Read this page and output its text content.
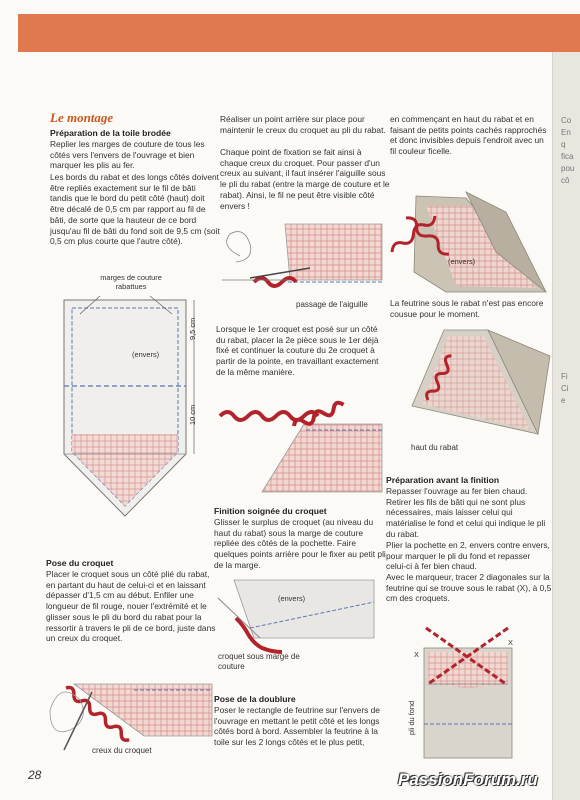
Co
En
q
fica
pou
cô
Fi
Ci
e
Le montage
Préparation de la toile brodée
Replier les marges de couture de tous les côtés vers l'envers de l'ouvrage et bien marquer les plis au fer.
Les bords du rabat et des longs côtés doivent être repliés exactement sur le fil de bâti tandis que le bord du petit côté (haut) doit être décalé de 0,5 cm par rapport au fil de bâti, de sorte que la hauteur de ce bord jusqu'au fil de bâti du fond soit de 9,5 cm (soit 0,5 cm plus courte que l'autre côté).
marges de couture rabattues
(envers)
9,5 cm
10 cm
Pose du croquet
Placer le croquet sous un côté plié du rabat, en partant du haut de celui-ci et en laissant dépasser d'1,5 cm au début. Enfiler une longueur de fil rouge, nouer l'extrémité et le glisser sous le pli du bord du rabat pour la ressortir à travers le pli de ce bord, juste dans un creux du croquet.
creux du croquet
Réaliser un point arrière sur place pour maintenir le creux du croquet au pli du rabat.
Chaque point de fixation se fait ainsi à chaque creux du croquet. Pour passer d'un creux au suivant, il faut insérer l'aiguille sous le pli du rabat (entre la marge de couture et le rabat). Ainsi, le fil ne peut être visible côté envers !
passage de l'aiguille
Lorsque le 1er croquet est posé sur un côté du rabat, placer la 2e pièce sous le 1er déjà fixé et continuer la couture du 2e croquet à partir de la pointe, en travaillant exactement de la même manière.
Finition soignée du croquet
Glisser le surplus de croquet (au niveau du haut du rabat) sous la marge de couture repliée des côtés de la pochette. Faire quelques points arrière pour le fixer au petit pli de la marge.
(envers)
croquet sous marge de couture
Pose de la doublure
Poser le rectangle de feutrine sur l'envers de l'ouvrage en mettant le petit côté et les longs côtés bord à bord. Assembler la feutrine à la toile sur les 2 longs côtés et le plus petit,
en commençant en haut du rabat et en faisant de petits points cachés rapprochés et donc invisibles depuis l'endroit avec un fil couleur ficelle.
(envers)
La feutrine sous le rabat n'est pas encore cousue pour le moment.
haut du rabat
Préparation avant la finition
Repasser l'ouvrage au fer bien chaud. Retirer les fils de bâti qui ne sont plus nécessaires, mais laisser celui qui matérialise le fond et celui qui indique le pli du rabat.
Plier la pochette en 2, envers contre envers, pour marquer le pli du fond et repasser celui-ci à fer bien chaud.
Avec le marqueur, tracer 2 diagonales sur la feutrine qui se trouve sous le rabat (X), à 0,5 cm des croquets.
X
X
pli du fond
28	PassionForum.ru
